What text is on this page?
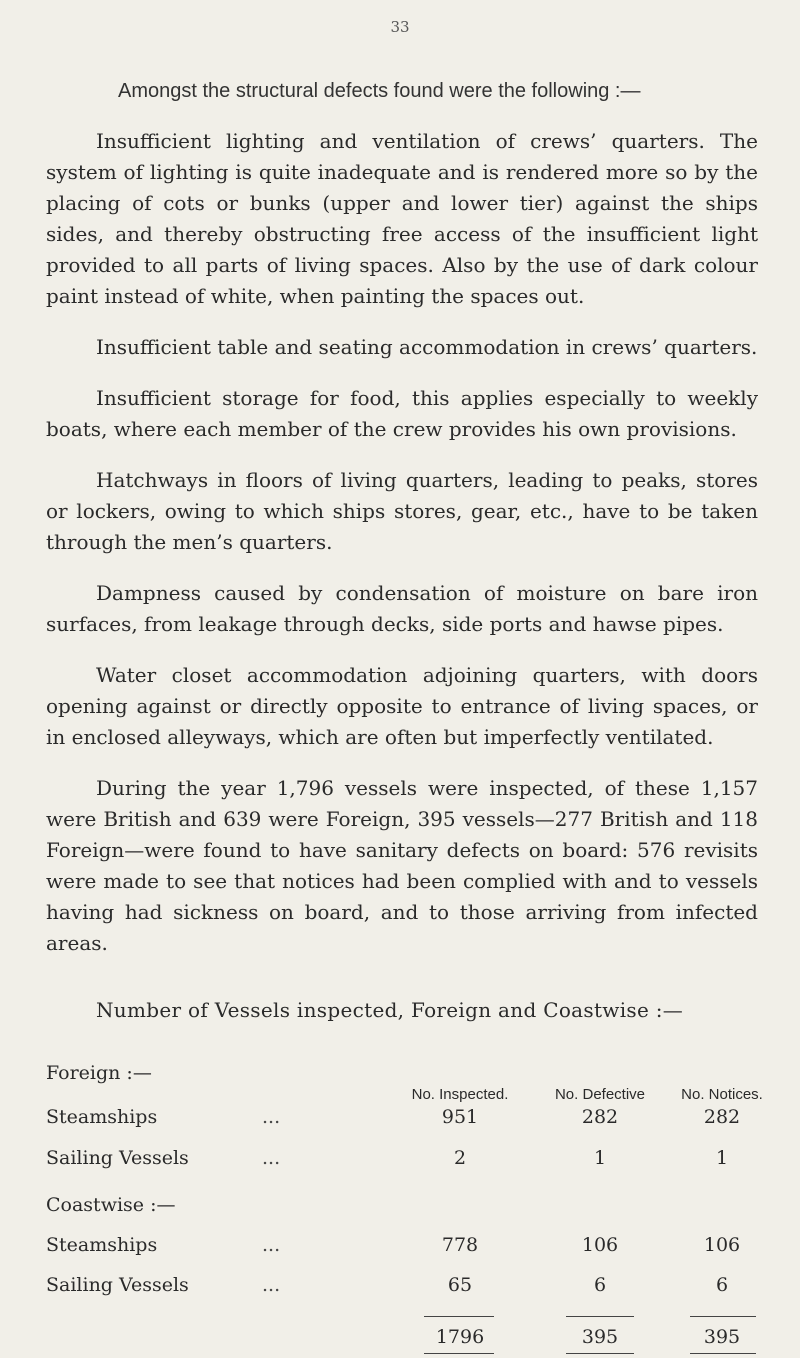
33
Amongst the structural defects found were the following :—

Insufficient lighting and ventilation of crews’ quarters. The system of lighting is quite inadequate and is rendered more so by the placing of cots or bunks (upper and lower tier) against the ships sides, and thereby obstructing free access of the insufficient light provided to all parts of living spaces. Also by the use of dark colour paint instead of white, when painting the spaces out.

Insufficient table and seating accommodation in crews’ quarters.

Insufficient storage for food, this applies especially to weekly boats, where each member of the crew provides his own provisions.

Hatchways in floors of living quarters, leading to peaks, stores or lockers, owing to which ships stores, gear, etc., have to be taken through the men’s quarters.

Dampness caused by condensation of moisture on bare iron surfaces, from leakage through decks, side ports and hawse pipes.

Water closet accommodation adjoining quarters, with doors opening against or directly opposite to entrance of living spaces, or in enclosed alleyways, which are often but imperfectly ventilated.

During the year 1,796 vessels were inspected, of these 1,157 were British and 639 were Foreign, 395 vessels—277 British and 118 Foreign—were found to have sanitary defects on board: 576 revisits were made to see that notices had been complied with and to vessels having had sickness on board, and to those arriving from infected areas.

Number of Vessels inspected, Foreign and Coastwise :—
Foreign :—
No. Inspected.	No. Defective No. Notices.
Steamships	...	951	282	282
Sailing Vessels	...	2	1	1
Coastwise :—
Steamships	...	778	106	106
Sailing Vessels	...	65	6	6
1796	395	395
